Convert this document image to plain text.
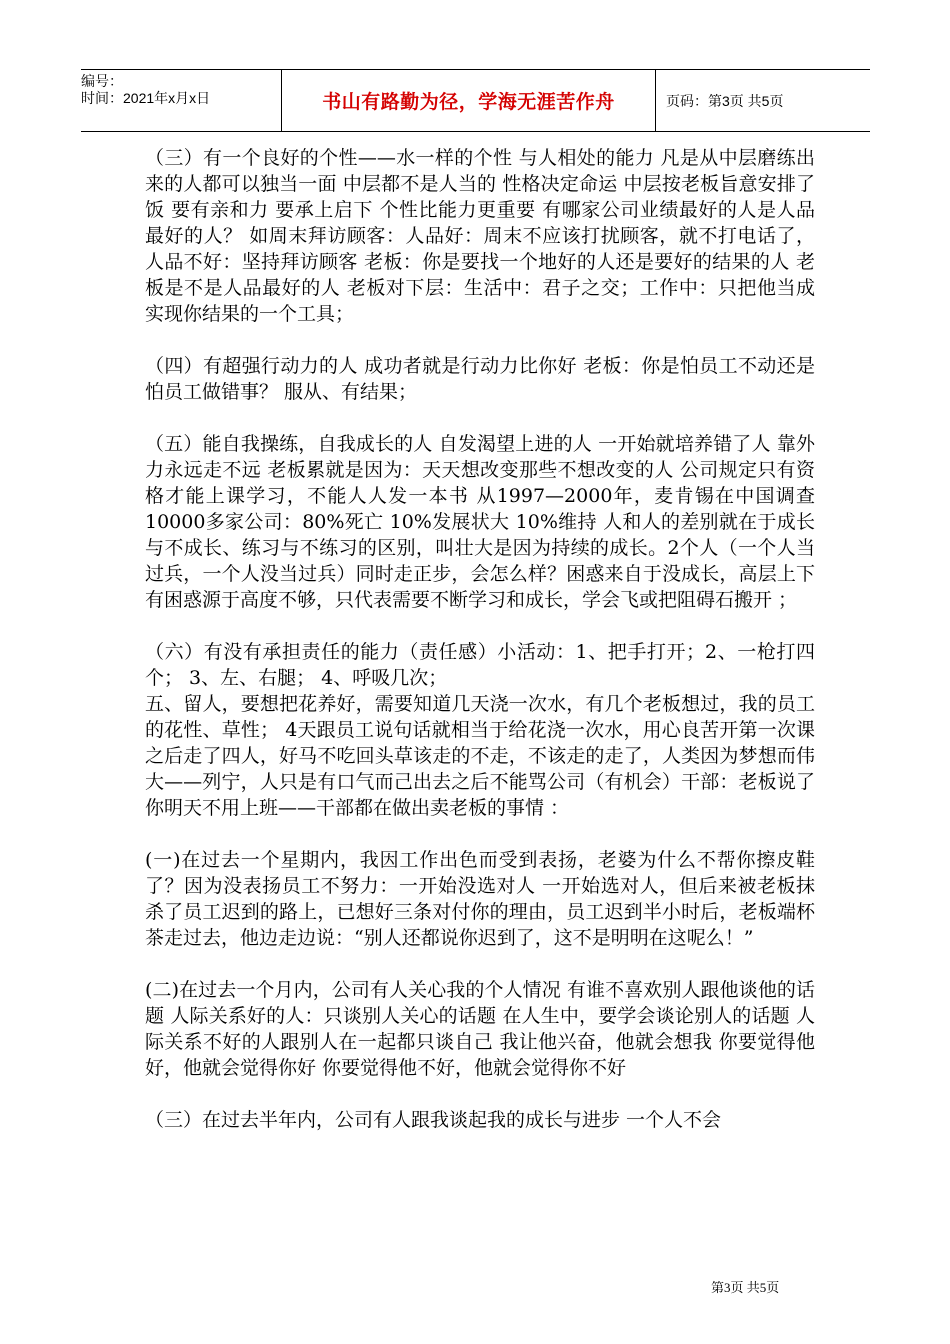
编号：
时间：2021年x月x日	书山有路勤为径，学海无涯苦作舟	页码：第3页 共5页

（三）有一个良好的个性——水一样的个性 与人相处的能力 凡是从中层磨练出来的人都可以独当一面 中层都不是人当的 性格决定命运 中层按老板旨意安排了饭 要有亲和力 要承上启下 个性比能力更重要 有哪家公司业绩最好的人是人品最好的人？ 如周末拜访顾客：人品好：周末不应该打扰顾客，就不打电话了，人品不好：坚持拜访顾客 老板：你是要找一个地好的人还是要好的结果的人 老板是不是人品最好的人 老板对下层：生活中：君子之交；工作中：只把他当成实现你结果的一个工具；

（四）有超强行动力的人 成功者就是行动力比你好 老板：你是怕员工不动还是怕员工做错事？ 服从、有结果；

（五）能自我操练，自我成长的人 自发渴望上进的人 一开始就培养错了人 靠外力永远走不远 老板累就是因为：天天想改变那些不想改变的人 公司规定只有资格才能上课学习，不能人人发一本书 从1997—2000年，麦肯锡在中国调查10000多家公司：80%死亡 10%发展状大 10%维持 人和人的差别就在于成长与不成长、练习与不练习的区别，叫壮大是因为持续的成长。2个人（一个人当过兵，一个人没当过兵）同时走正步，会怎么样？困惑来自于没成长，高层上下有困惑源于高度不够，只代表需要不断学习和成长，学会飞或把阻碍石搬开 ；

（六）有没有承担责任的能力（责任感）小活动：1、把手打开；2、一枪打四个； 3、左、右腿； 4、呼吸几次；

五、留人，要想把花养好，需要知道几天浇一次水，有几个老板想过，我的员工的花性、草性； 4天跟员工说句话就相当于给花浇一次水，用心良苦开第一次课之后走了四人，好马不吃回头草该走的不走，不该走的走了，人类因为梦想而伟大——列宁，人只是有口气而己出去之后不能骂公司（有机会）干部：老板说了你明天不用上班——干部都在做出卖老板的事情 ：

(一)在过去一个星期内，我因工作出色而受到表扬，老婆为什么不帮你擦皮鞋了？因为没表扬员工不努力：一开始没选对人 一开始选对人，但后来被老板抹杀了员工迟到的路上，已想好三条对付你的理由，员工迟到半小时后，老板端杯茶走过去，他边走边说：“别人还都说你迟到了，这不是明明在这呢么！”

(二)在过去一个月内，公司有人关心我的个人情况 有谁不喜欢别人跟他谈他的话题 人际关系好的人：只谈别人关心的话题 在人生中，要学会谈论别人的话题 人际关系不好的人跟别人在一起都只谈自己 我让他兴奋，他就会想我 你要觉得他好，他就会觉得你好 你要觉得他不好，他就会觉得你不好

（三）在过去半年内，公司有人跟我谈起我的成长与进步 一个人不会

第3页 共5页
